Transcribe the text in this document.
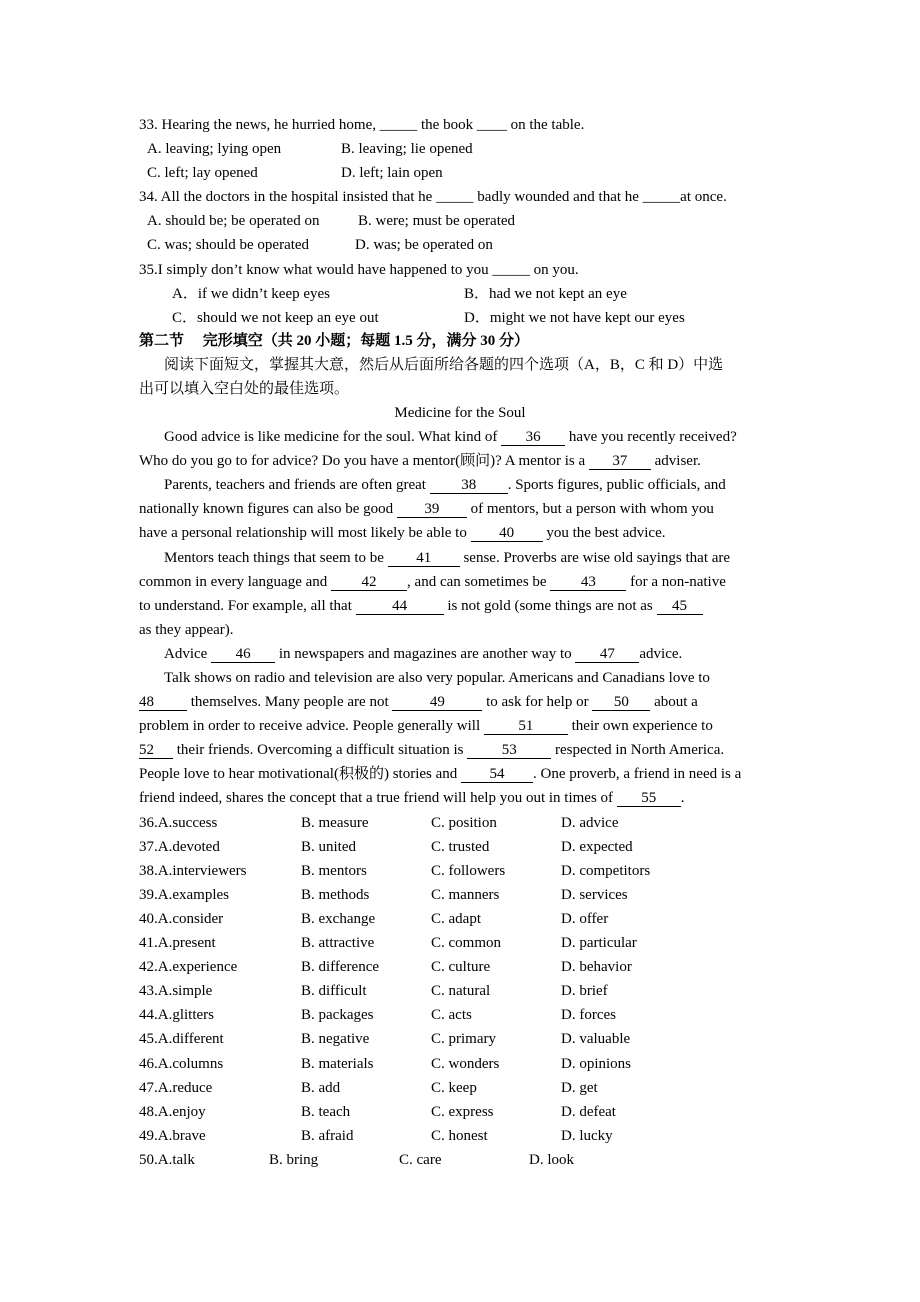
33. Hearing the news, he hurried home, _____ the book ____ on the table.
A. leaving; lying open	B. leaving; lie opened
C. left; lay opened	D. left; lain open
34. All the doctors in the hospital insisted that he _____ badly wounded and that he _____at once.
A. should be; be operated on	B. were; must be operated
C. was; should be operated	D. was; be operated on
35.I simply don’t know what would have happened to you _____ on you.
A．if we didn’t keep eyes	B．had we not kept an eye
C．should we not keep an eye out	D．might we not have kept our eyes
第二节　 完形填空（共 20 小题；每题 1.5 分，满分 30 分）
阅读下面短文，掌握其大意，然后从后面所给各题的四个选项（A，B，C 和 D）中选
出可以填入空白处的最佳选项。
Medicine for the Soul
Good advice is like medicine for the soul. What kind of 36 have you recently received?
Who do you go to for advice? Do you have a mentor(顾问)? A mentor is a 37 adviser.
Parents, teachers and friends are often great 38 . Sports figures, public officials, and
nationally known figures can also be good 39 of mentors, but a person with whom you
have a personal relationship will most likely be able to 40 you the best advice.
Mentors teach things that seem to be 41 sense. Proverbs are wise old sayings that are
common in every language and 42 , and can sometimes be 43 for a non-native
to understand. For example, all that 44 is not gold (some things are not as 45
as they appear).
Advice 46 in newspapers and magazines are another way to 47 advice.
Talk shows on radio and television are also very popular. Americans and Canadians love to
48 themselves. Many people are not	49	to ask for help or 50 about a
problem in order to receive advice. People generally will 51 their own experience to
52 their friends. Overcoming a difficult situation is 53 respected in North America.
People love to hear motivational(积极的) stories and 54 . One proverb, a friend in need is a
friend indeed, shares the concept that a true friend will help you out in times of 55 .
36.A.success	B. measure	C. position	D. advice
37.A.devoted	B. united	C. trusted	D. expected
38.A.interviewers	B. mentors	C. followers	D. competitors
39.A.examples	B. methods	C. manners	D. services
40.A.consider	B. exchange	C. adapt	D. offer
41.A.present	B. attractive	C. common	D. particular
42.A.experience	B. difference	C. culture	D. behavior
43.A.simple	B. difficult	C. natural	D. brief
44.A.glitters	B. packages	C. acts	D. forces
45.A.different	B. negative	C. primary	D. valuable
46.A.columns	B. materials	C. wonders	D. opinions
47.A.reduce	B. add	C. keep	D. get
48.A.enjoy	B. teach	C. express	D. defeat
49.A.brave	B. afraid	C. honest	D. lucky
50.A.talk	B. bring	C. care	D. look
